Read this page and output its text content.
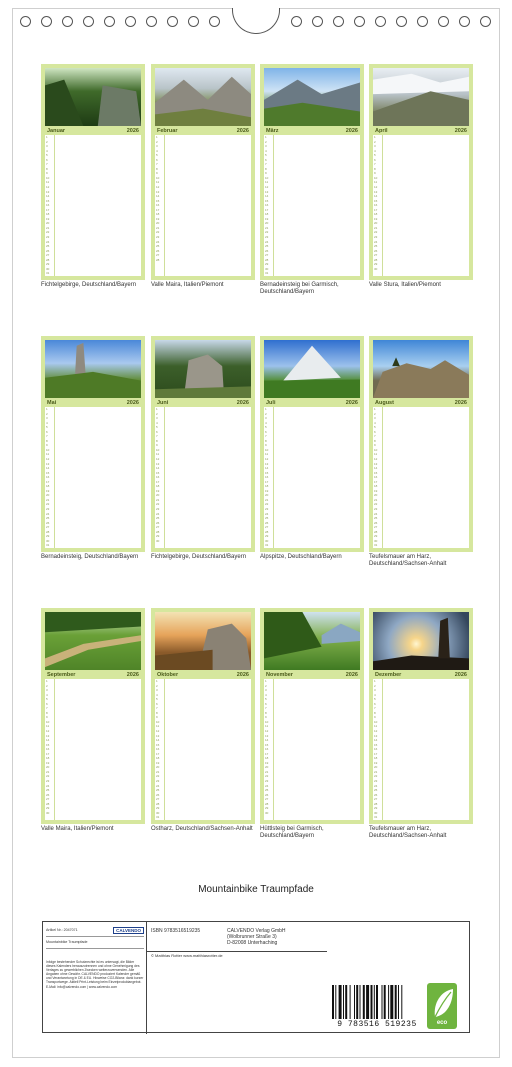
Januar	2026
1
2
3
4
5
6
7
8
9
10
11
12
13
14
15
16
17
18
19
20
21
22
23
24
25
26
27
28
29
30
31
Fichtelgebirge, Deutschland/Bayern
Februar	2026
1
2
3
4
5
6
7
8
9
10
11
12
13
14
15
16
17
18
19
20
21
22
23
24
25
26
27
28
Valle Maira, Italien/Piemont
März	2026
1
2
3
4
5
6
7
8
9
10
11
12
13
14
15
16
17
18
19
20
21
22
23
24
25
26
27
28
29
30
31
Bernadeinsteig bei Garmisch, Deutschland/Bayern
April	2026
1
2
3
4
5
6
7
8
9
10
11
12
13
14
15
16
17
18
19
20
21
22
23
24
25
26
27
28
29
30
Valle Stura, Italien/Piemont
Mai	2026
1
2
3
4
5
6
7
8
9
10
11
12
13
14
15
16
17
18
19
20
21
22
23
24
25
26
27
28
29
30
31
Bernadeinsteig, Deutschland/Bayern
Juni	2026
1
2
3
4
5
6
7
8
9
10
11
12
13
14
15
16
17
18
19
20
21
22
23
24
25
26
27
28
29
30
Fichtelgebirge, Deutschland/Bayern
Juli	2026
1
2
3
4
5
6
7
8
9
10
11
12
13
14
15
16
17
18
19
20
21
22
23
24
25
26
27
28
29
30
31
Alpspitze, Deutschland/Bayern
August	2026
1
2
3
4
5
6
7
8
9
10
11
12
13
14
15
16
17
18
19
20
21
22
23
24
25
26
27
28
29
30
31
Teufelsmauer am Harz, Deutschland/Sachsen-Anhalt
September	2026
1
2
3
4
5
6
7
8
9
10
11
12
13
14
15
16
17
18
19
20
21
22
23
24
25
26
27
28
29
30
Valle Maira, Italien/Piemont
Oktober	2026
1
2
3
4
5
6
7
8
9
10
11
12
13
14
15
16
17
18
19
20
21
22
23
24
25
26
27
28
29
30
31
Ostharz, Deutschland/Sachsen-Anhalt
November	2026
1
2
3
4
5
6
7
8
9
10
11
12
13
14
15
16
17
18
19
20
21
22
23
24
25
26
27
28
29
30
Hüttlsteig bei Garmisch, Deutschland/Bayern
Dezember	2026
1
2
3
4
5
6
7
8
9
10
11
12
13
14
15
16
17
18
19
20
21
22
23
24
25
26
27
28
29
30
31
Teufelsmauer am Harz, Deutschland/Sachsen-Anhalt
Mountainbike Traumpfade
Artikel Nr.: 2047071	CALVENDO
Mountainbike Traumpfade
Infolge bestehender Schutzrechte ist es untersagt, die Bilder dieses Kalenders herauszutrennen und ohne Genehmigung des Verlages zu gewerblichen Zwecken weiterzuverwenden. Alle Angaben ohne Gewähr. CALVENDO produziert Kalender gemäß und Verantwortung in DE & EU. Hinweise CO2-Bilanz: dank kurzer Transportwege. Aktiell Print-Leistung beim Einzelproduktangebot. E-Mail: info@calvendo.com | www.calvendo.com
ISBN 9783516519235	CALVENDO Verlag GmbH
(Wolbrunner Straße 3)
D-82008 Unterhaching
© Matthias Rotter www.matthiasrotter.de
9 783516 519235	eco
